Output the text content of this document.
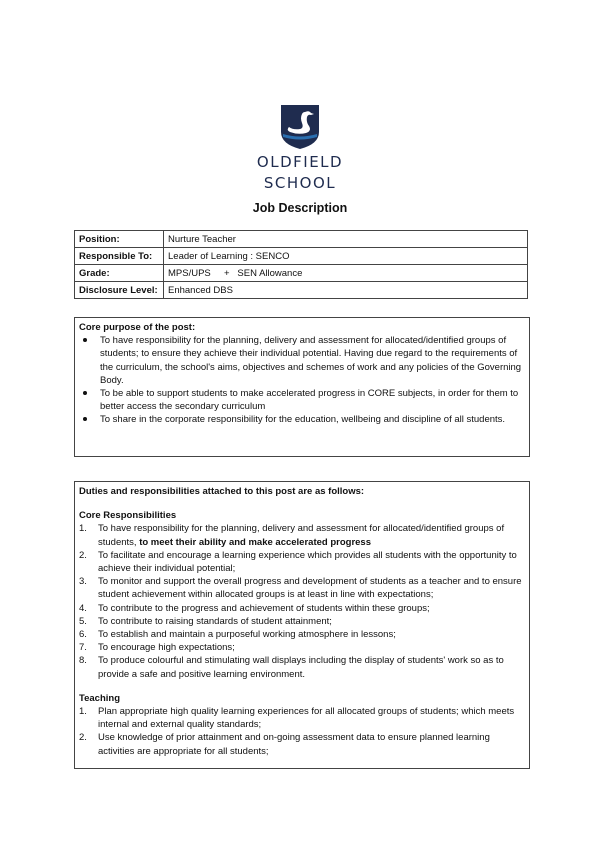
OLDFIELD
SCHOOL
Job Description
Position:	Nurture Teacher
Responsible To:	Leader of Learning : SENCO
Grade:	MPS/UPS     +   SEN Allowance
Disclosure Level:	Enhanced DBS
Core purpose of the post:
To have responsibility for the planning, delivery and assessment for allocated/identified groups of students; to ensure they achieve their individual potential. Having due regard to the requirements of the curriculum, the school's aims, objectives and schemes of work and any policies of the Governing Body.
To be able to support students to make accelerated progress in CORE subjects, in order for them to better access the secondary curriculum
To share in the corporate responsibility for the education, wellbeing and discipline of all students.
Duties and responsibilities attached to this post are as follows:
Core Responsibilities
1. To have responsibility for the planning, delivery and assessment for allocated/identified groups of students, to meet their ability and make accelerated progress
2. To facilitate and encourage a learning experience which provides all students with the opportunity to achieve their individual potential;
3. To monitor and support the overall progress and development of students as a teacher and to ensure student achievement within allocated groups is at least in line with expectations;
4. To contribute to the progress and achievement of students within these groups;
5. To contribute to raising standards of student attainment;
6. To establish and maintain a purposeful working atmosphere in lessons;
7. To encourage high expectations;
8. To produce colourful and stimulating wall displays including the display of students' work so as to provide a safe and positive learning environment.
Teaching
1. Plan appropriate high quality learning experiences for all allocated groups of students; which meets internal and external quality standards;
2. Use knowledge of prior attainment and on-going assessment data to ensure planned learning activities are appropriate for all students;
